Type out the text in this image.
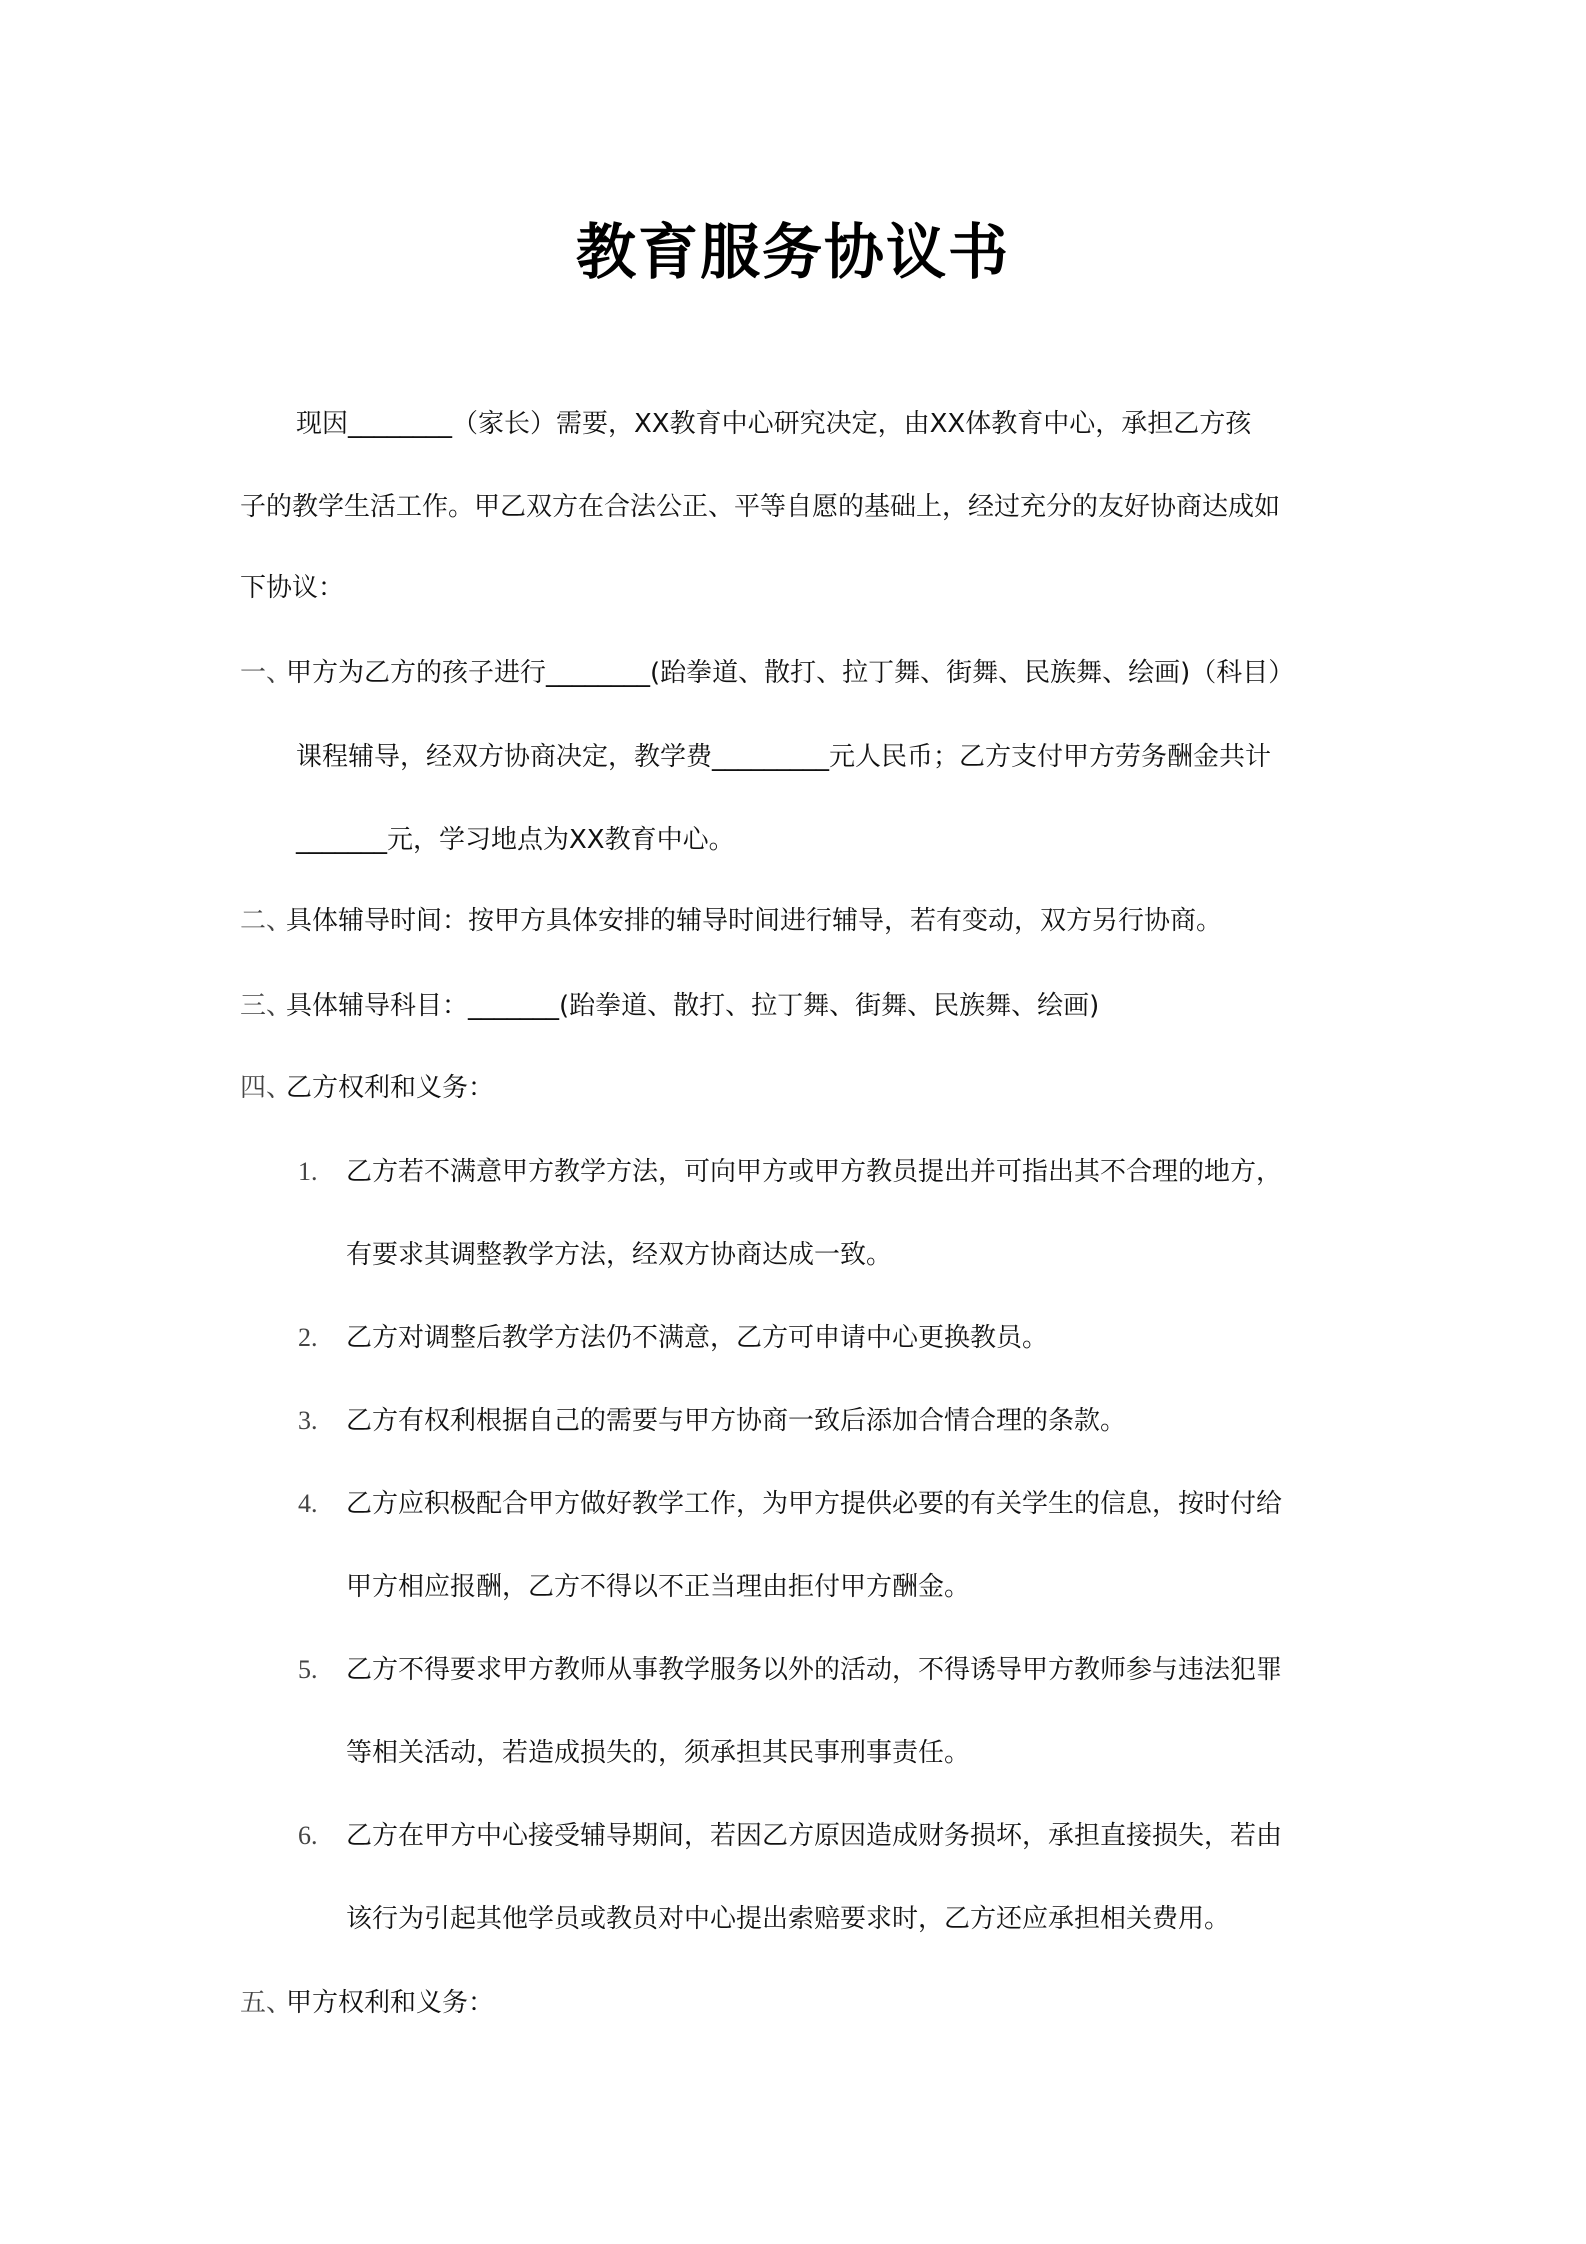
教育服务协议书
现因________（家长）需要，XX教育中心研究决定，由XX体教育中心，承担乙方孩
子的教学生活工作。甲乙双方在合法公正、平等自愿的基础上，经过充分的友好协商达成如
下协议：
一、甲方为乙方的孩子进行________(跆拳道、散打、拉丁舞、街舞、民族舞、绘画)（科目）
课程辅导，经双方协商决定，教学费_________元人民币；乙方支付甲方劳务酬金共计
_______元，学习地点为XX教育中心。
二、具体辅导时间：按甲方具体安排的辅导时间进行辅导，若有变动，双方另行协商。
三、具体辅导科目：_______(跆拳道、散打、拉丁舞、街舞、民族舞、绘画)
四、乙方权利和义务：
1. 乙方若不满意甲方教学方法，可向甲方或甲方教员提出并可指出其不合理的地方，
有要求其调整教学方法，经双方协商达成一致。
2. 乙方对调整后教学方法仍不满意，乙方可申请中心更换教员。
3. 乙方有权利根据自己的需要与甲方协商一致后添加合情合理的条款。
4. 乙方应积极配合甲方做好教学工作，为甲方提供必要的有关学生的信息，按时付给
甲方相应报酬，乙方不得以不正当理由拒付甲方酬金。
5. 乙方不得要求甲方教师从事教学服务以外的活动，不得诱导甲方教师参与违法犯罪
等相关活动，若造成损失的，须承担其民事刑事责任。
6. 乙方在甲方中心接受辅导期间，若因乙方原因造成财务损坏，承担直接损失，若由
该行为引起其他学员或教员对中心提出索赔要求时，乙方还应承担相关费用。
五、甲方权利和义务：
